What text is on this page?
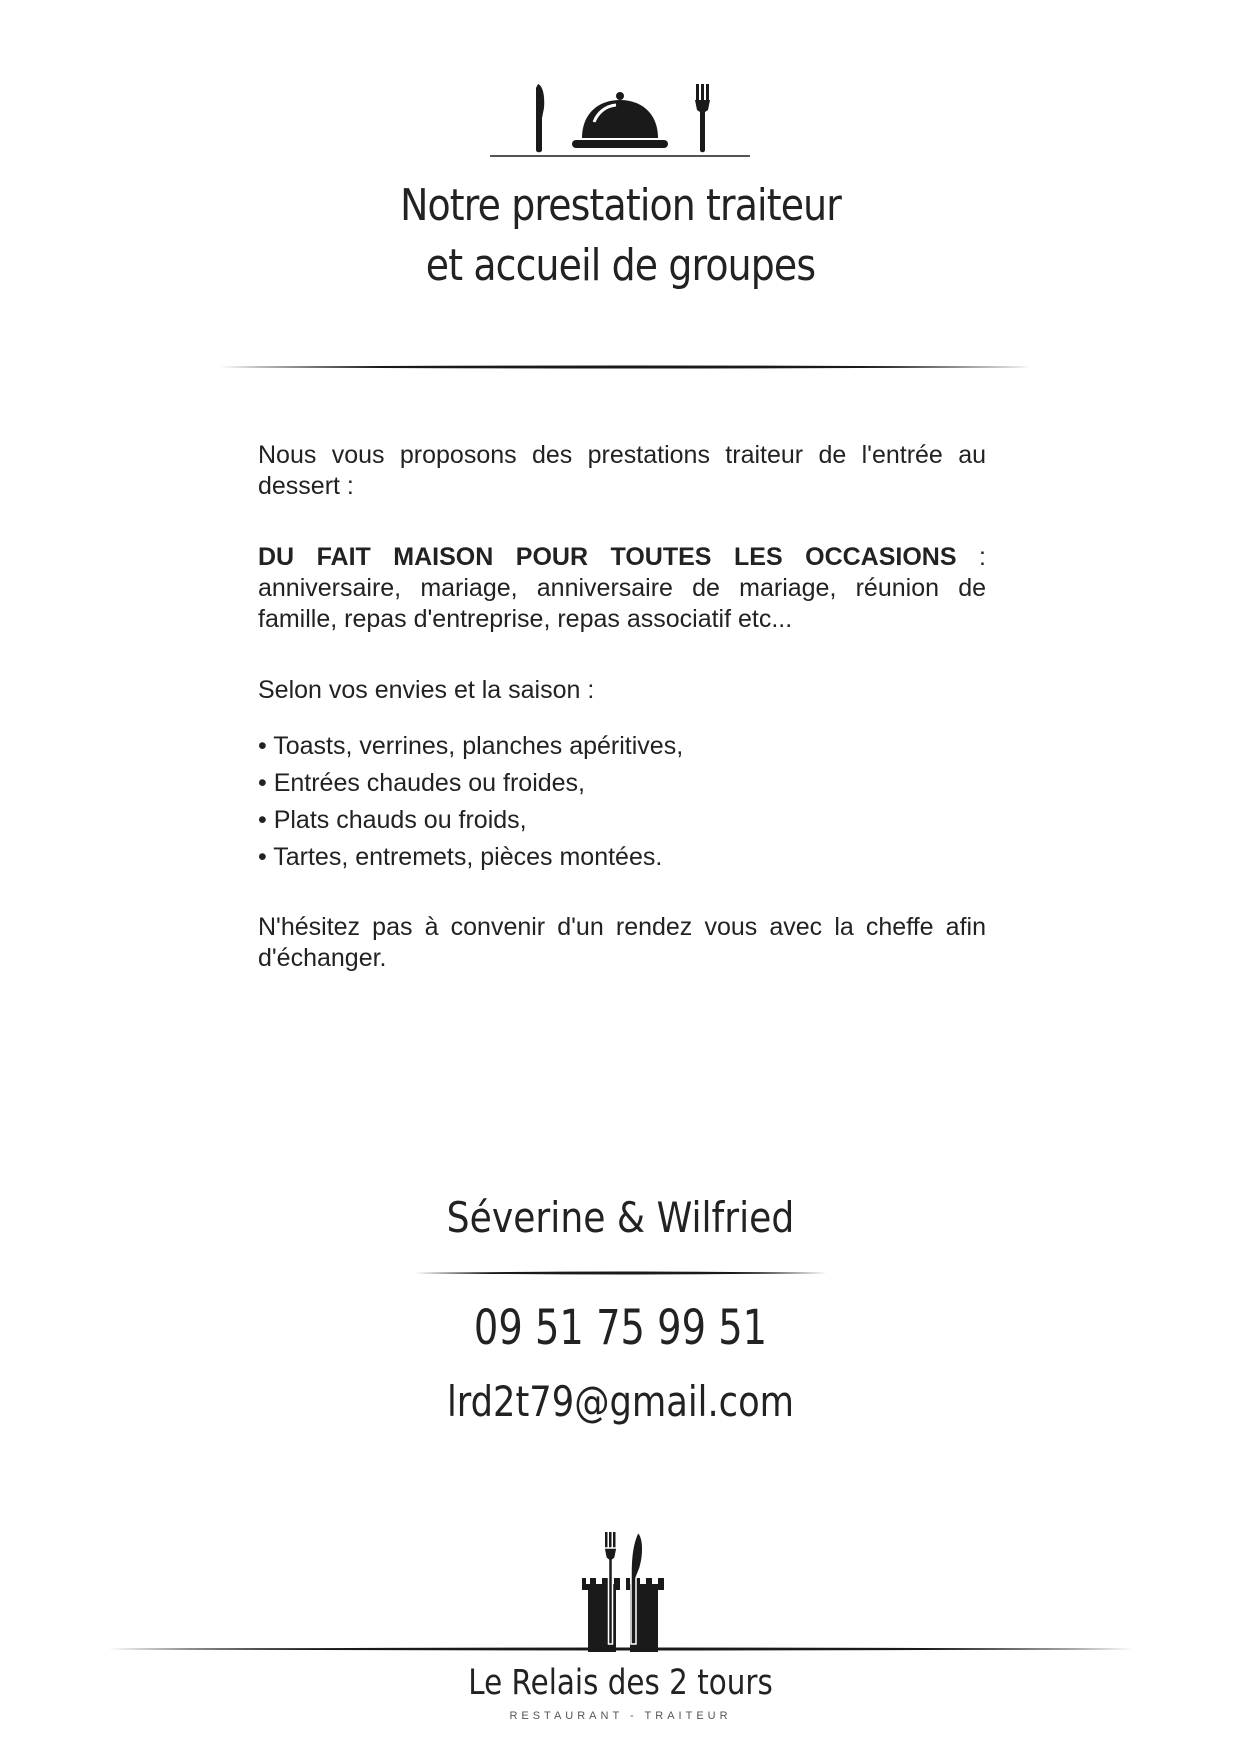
Notre prestation traiteur
et accueil de groupes
Nous vous proposons des prestations traiteur de l'entrée au dessert :
DU FAIT MAISON POUR TOUTES LES OCCASIONS : anniversaire, mariage, anniversaire de mariage, réunion de famille, repas d'entreprise, repas associatif etc...
Selon vos envies et la saison :
• Toasts, verrines, planches apéritives,
• Entrées chaudes ou froides,
• Plats chauds ou froids,
• Tartes, entremets, pièces montées.
N'hésitez pas à convenir d'un rendez vous avec la cheffe afin d'échanger.
Séverine & Wilfried
09 51 75 99 51
lrd2t79@gmail.com
Le Relais des 2 tours
RESTAURANT - TRAITEUR
